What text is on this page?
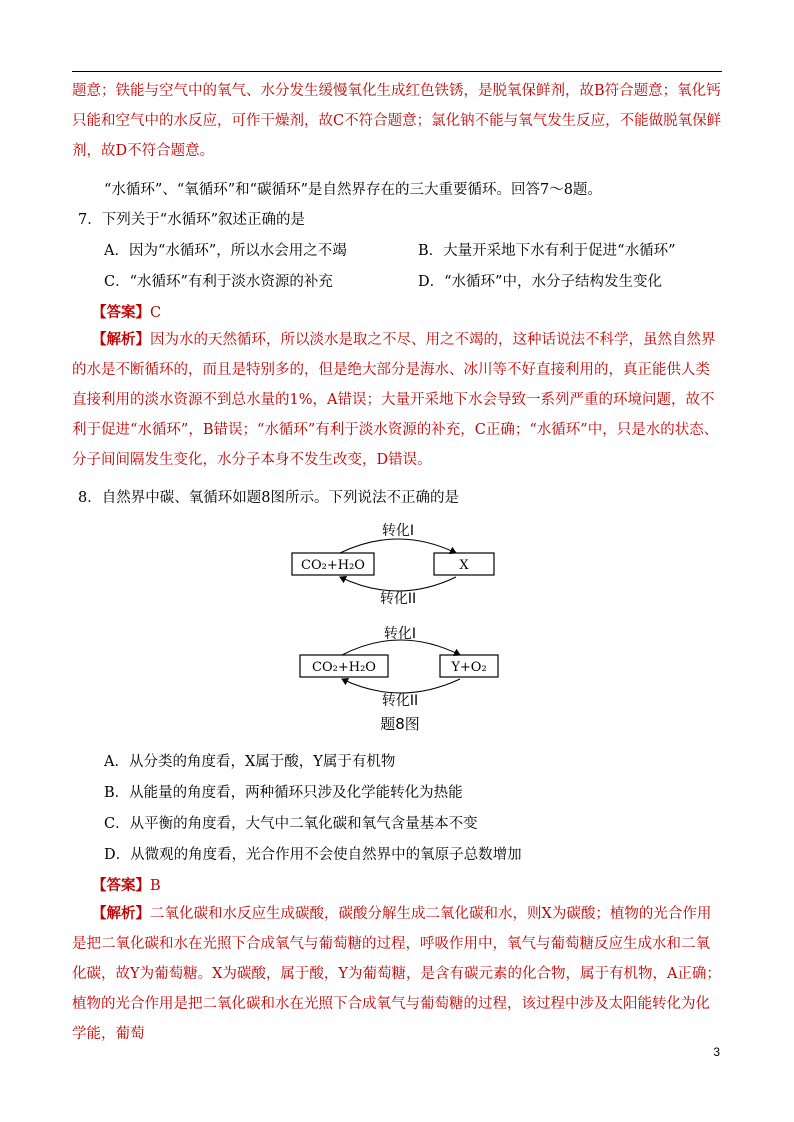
题意；铁能与空气中的氧气、水分发生缓慢氧化生成红色铁锈，是脱氧保鲜剂，故B符合题意；氧化钙只能和空气中的水反应，可作干燥剂，故C不符合题意；氯化钠不能与氧气发生反应，不能做脱氧保鲜剂，故D不符合题意。

“水循环”、“氧循环”和“碳循环”是自然界存在的三大重要循环。回答7～8题。

7．下列关于“水循环”叙述正确的是

A．因为“水循环”，所以水会用之不竭	B．大量开采地下水有利于促进“水循环”

C．“水循环”有利于淡水资源的补充	D．“水循环”中，水分子结构发生变化

【答案】C

【解析】因为水的天然循环，所以淡水是取之不尽、用之不竭的，这种话说法不科学，虽然自然界的水是不断循环的，而且是特别多的，但是绝大部分是海水、冰川等不好直接利用的，真正能供人类直接利用的淡水资源不到总水量的1%，A错误；大量开采地下水会导致一系列严重的环境问题，故不利于促进“水循环”，B错误；“水循环”有利于淡水资源的补充，C正确；“水循环”中，只是水的状态、分子间间隔发生变化，水分子本身不发生改变，D错误。

8．自然界中碳、氧循环如题8图所示。下列说法不正确的是

转化I
CO₂+H₂O	X
转化II
转化I
CO₂+H₂O	Y+O₂
转化II
题8图

A．从分类的角度看，X属于酸，Y属于有机物

B．从能量的角度看，两种循环只涉及化学能转化为热能

C．从平衡的角度看，大气中二氧化碳和氧气含量基本不变

D．从微观的角度看，光合作用不会使自然界中的氧原子总数增加

【答案】B

【解析】二氧化碳和水反应生成碳酸，碳酸分解生成二氧化碳和水，则X为碳酸；植物的光合作用是把二氧化碳和水在光照下合成氧气与葡萄糖的过程，呼吸作用中，氧气与葡萄糖反应生成水和二氧化碳，故Y为葡萄糖。X为碳酸，属于酸，Y为葡萄糖，是含有碳元素的化合物，属于有机物，A正确；植物的光合作用是把二氧化碳和水在光照下合成氧气与葡萄糖的过程，该过程中涉及太阳能转化为化学能，葡萄

3
